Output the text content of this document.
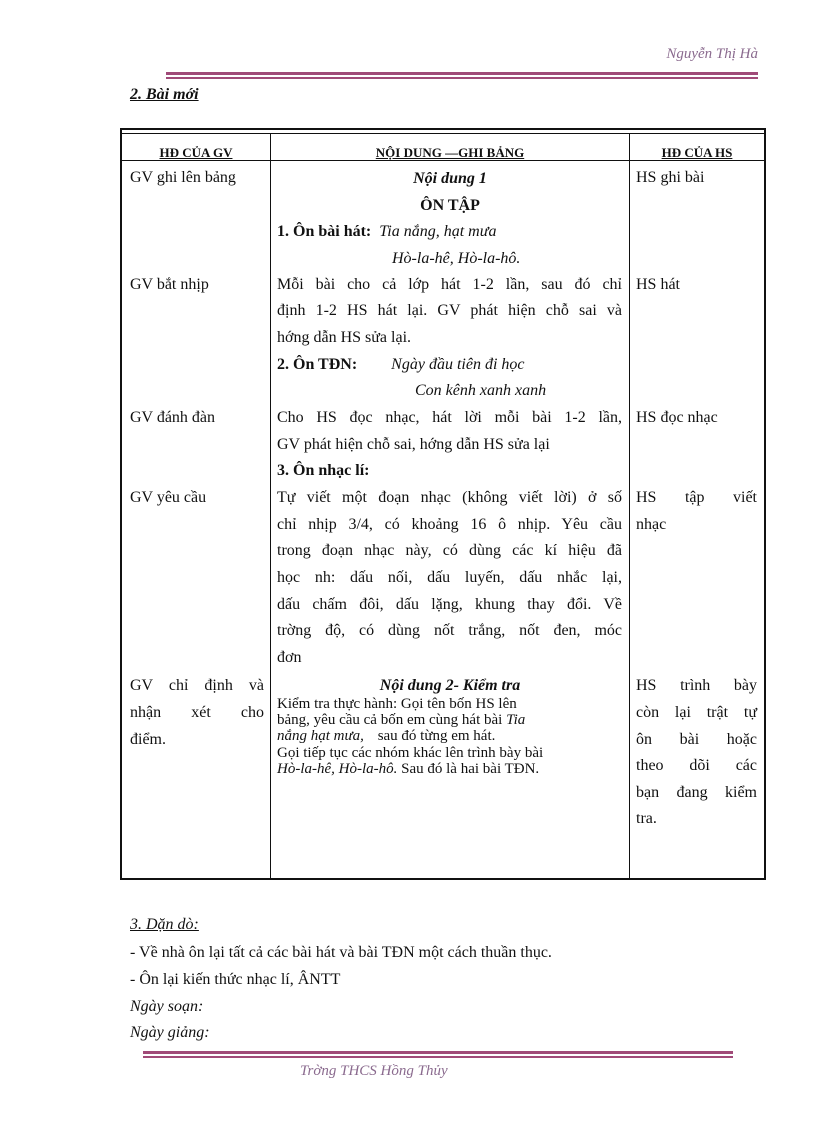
Nguyễn Thị Hà
2. Bài mới
HĐ CỦA GV	NỘI DUNG —GHI BẢNG	HĐ CỦA HS
GV ghi lên bảng
GV bắt nhịp
GV đánh đàn
GV yêu cầu
GV chỉ định và
nhận xét cho
điểm.
Nội dung 1
ÔN TẬP
1. Ôn bài hát: Tia nắng, hạt mưa
Hò-la-hê, Hò-la-hô.
Mỗi bài cho cả lớp hát 1-2 lần, sau đó chỉ
định 1-2 HS hát lại. GV phát hiện chỗ sai và
hớng dẫn HS sửa lại.
2. Ôn TĐN: Ngày đầu tiên đi học
Con kênh xanh xanh
Cho HS đọc nhạc, hát lời mỗi bài 1-2 lần,
GV phát hiện chỗ sai, hớng dẫn HS sửa lại
3. Ôn nhạc lí:
Tự viết một đoạn nhạc (không viết lời) ở số
chỉ nhịp 3/4, có khoảng 16 ô nhịp. Yêu cầu
trong đoạn nhạc này, có dùng các kí hiệu đã
học nh: dấu nối, dấu luyến, dấu nhắc lại,
dấu chấm đôi, dấu lặng, khung thay đổi. Về
trờng độ, có dùng nốt trắng, nốt đen, móc
đơn
Nội dung 2- Kiểm tra
Kiểm tra thực hành: Gọi tên bốn HS lên
bảng, yêu cầu cả bốn em cùng hát bài Tia
nắng hạt mưa, sau đó từng em hát.
Gọi tiếp tục các nhóm khác lên trình bày bài
Hò-la-hê, Hò-la-hô. Sau đó là hai bài TĐN.
HS ghi bài
HS hát
HS đọc nhạc
HS tập viết
nhạc
HS trình bày
còn lại trật tự
ôn bài hoặc
theo dõi các
bạn đang kiểm
tra.
3. Dặn dò:
- Về nhà ôn lại tất cả các bài hát và bài TĐN một cách thuần thục.
- Ôn lại kiến thức nhạc lí, ÂNTT
Ngày soạn:
Ngày giảng:
Trờng THCS Hồng Thủy
